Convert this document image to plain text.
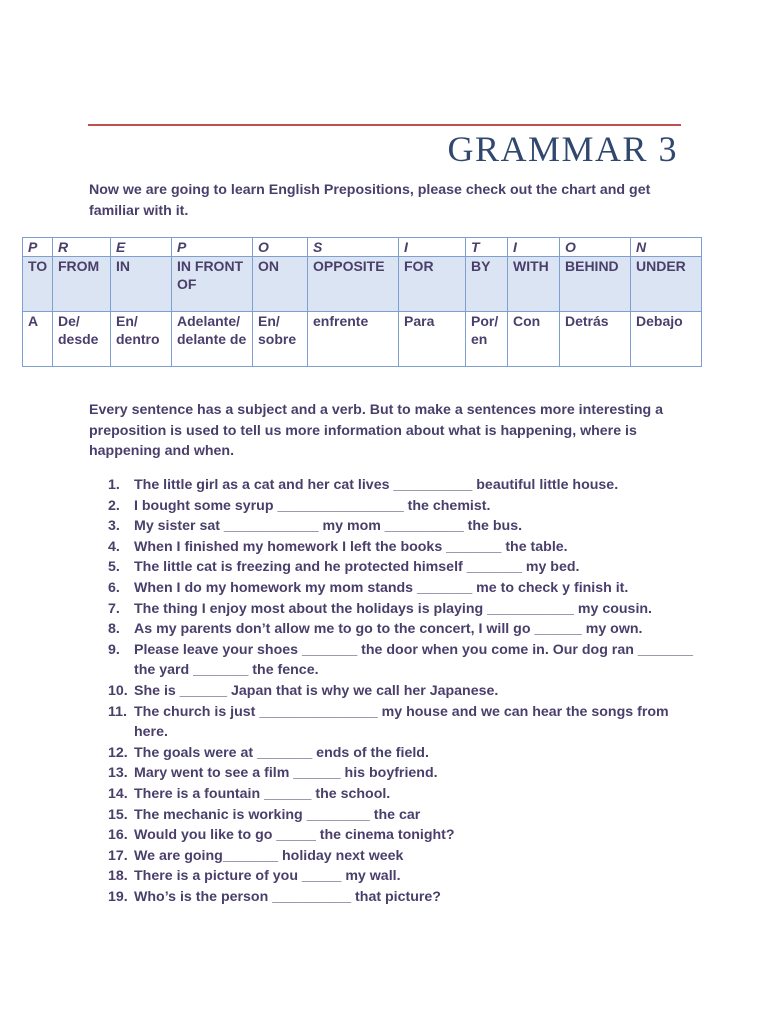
GRAMMAR 3
Now we are going to learn English Prepositions, please check out the chart and get familiar with it.
P	R	E	P	O	S	I	T	I	O	N
TO	FROM	IN	IN FRONT OF	ON	OPPOSITE	FOR	BY	WITH	BEHIND	UNDER
A	De/ desde	En/ dentro	Adelante/ delante de	En/ sobre	enfrente	Para	Por/ en	Con	Detrás	Debajo
Every sentence has a subject and a verb. But to make a sentences more interesting a preposition is used to tell us more information about what is happening, where is happening and when.
1. The little girl as a cat and her cat lives __________ beautiful little house.
2. I bought some syrup ________________ the chemist.
3. My sister sat ____________ my mom __________ the bus.
4. When I finished my homework I left the books _______ the table.
5. The little cat is freezing and he protected himself _______ my bed.
6. When I do my homework my mom stands _______ me to check y finish it.
7. The thing I enjoy most about the holidays is playing ___________ my cousin.
8. As my parents don’t allow me to go to the concert, I will go ______ my own.
9. Please leave your shoes _______ the door when you come in. Our dog ran _______ the yard _______ the fence.
10. She is ______ Japan that is why we call her Japanese.
11. The church is just _______________ my house and we can hear the songs from here.
12. The goals were at _______ ends of the field.
13. Mary went to see a film ______ his boyfriend.
14. There is a fountain ______ the school.
15. The mechanic is working ________ the car
16. Would you like to go _____ the cinema tonight?
17. We are going_______ holiday next week
18. There is a picture of you _____ my wall.
19. Who’s is the person __________ that picture?
